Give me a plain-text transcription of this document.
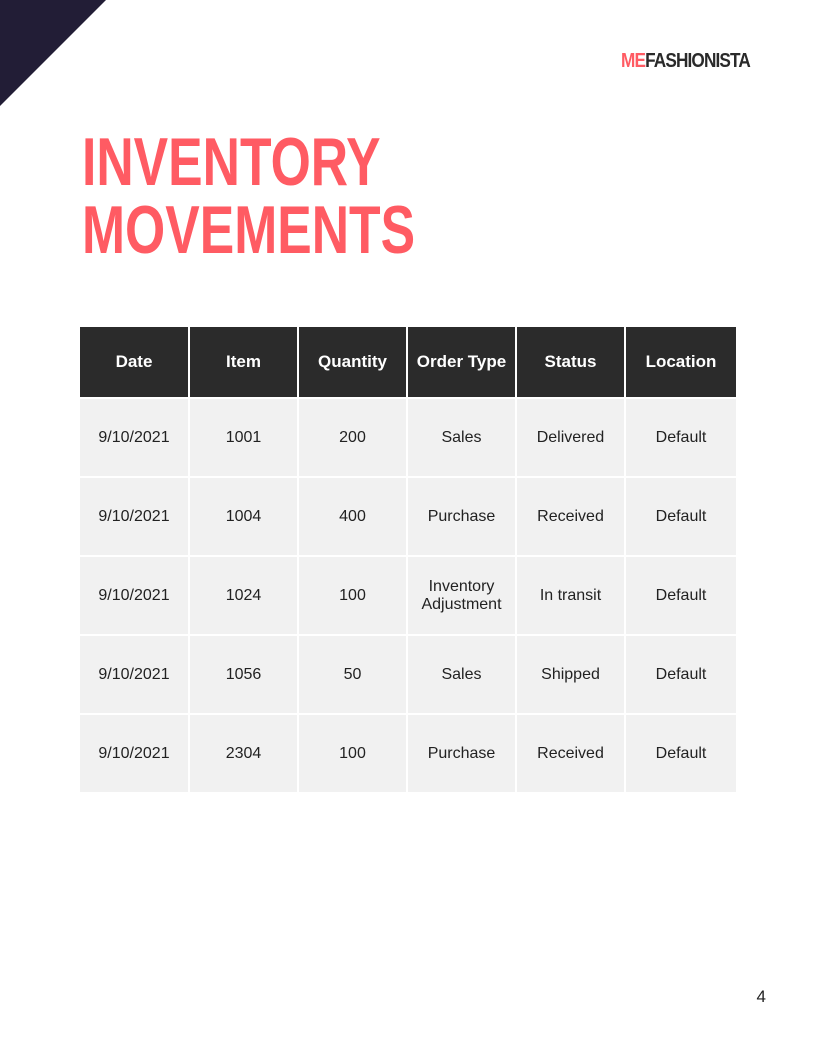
MEFASHIONISTA
INVENTORY
MOVEMENTS
Date	Item	Quantity	Order Type	Status	Location
9/10/2021	1001	200	Sales	Delivered	Default
9/10/2021	1004	400	Purchase	Received	Default
9/10/2021	1024	100	Inventory Adjustment	In transit	Default
9/10/2021	1056	50	Sales	Shipped	Default
9/10/2021	2304	100	Purchase	Received	Default
4
